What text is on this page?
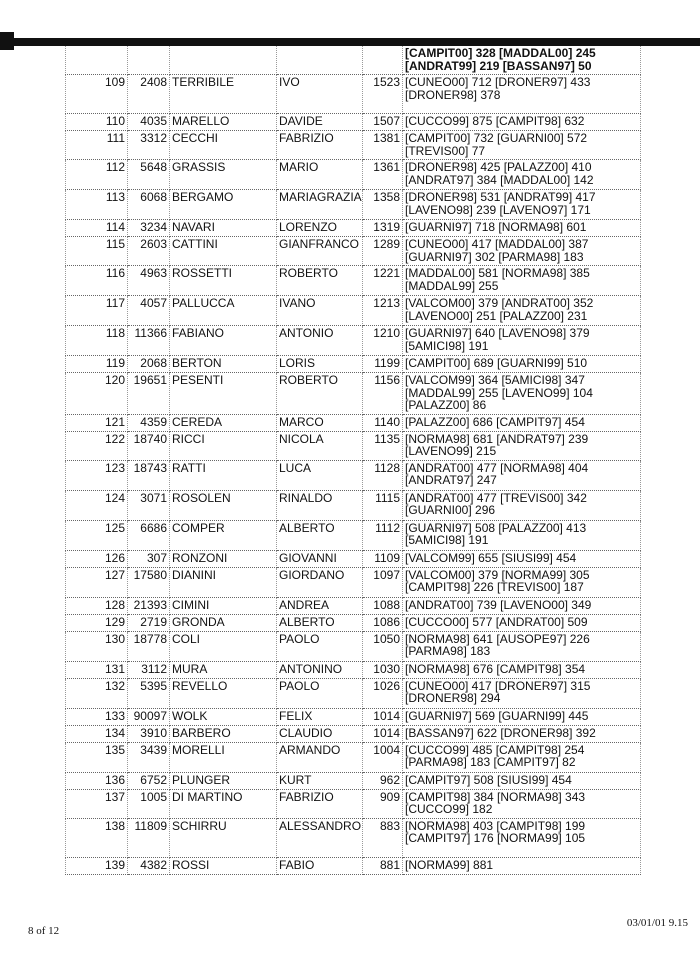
					[CAMPIT00] 328 [MADDAL00] 245
[ANDRAT99] 219 [BASSAN97] 50
109	2408	TERRIBILE	IVO	1523	[CUNEO00] 712 [DRONER97] 433 [DRONER98] 378
110	4035	MARELLO	DAVIDE	1507	[CUCCO99] 875 [CAMPIT98] 632
111	3312	CECCHI	FABRIZIO	1381	[CAMPIT00] 732 [GUARNI00] 572 [TREVIS00] 77
112	5648	GRASSIS	MARIO	1361	[DRONER98] 425 [PALAZZ00] 410 [ANDRAT97] 384 [MADDAL00] 142
113	6068	BERGAMO	MARIAGRAZIA	1358	[DRONER98] 531 [ANDRAT99] 417 [LAVENO98] 239 [LAVENO97] 171
114	3234	NAVARI	LORENZO	1319	[GUARNI97] 718 [NORMA98] 601
115	2603	CATTINI	GIANFRANCO	1289	[CUNEO00] 417 [MADDAL00] 387 [GUARNI97] 302 [PARMA98] 183
116	4963	ROSSETTI	ROBERTO	1221	[MADDAL00] 581 [NORMA98] 385 [MADDAL99] 255
117	4057	PALLUCCA	IVANO	1213	[VALCOM00] 379 [ANDRAT00] 352 [LAVENO00] 251 [PALAZZ00] 231
118	11366	FABIANO	ANTONIO	1210	[GUARNI97] 640 [LAVENO98] 379 [5AMICI98] 191
119	2068	BERTON	LORIS	1199	[CAMPIT00] 689 [GUARNI99] 510
120	19651	PESENTI	ROBERTO	1156	[VALCOM99] 364 [5AMICI98] 347 [MADDAL99] 255 [LAVENO99] 104 [PALAZZ00] 86
121	4359	CEREDA	MARCO	1140	[PALAZZ00] 686 [CAMPIT97] 454
122	18740	RICCI	NICOLA	1135	[NORMA98] 681 [ANDRAT97] 239 [LAVENO99] 215
123	18743	RATTI	LUCA	1128	[ANDRAT00] 477 [NORMA98] 404 [ANDRAT97] 247
124	3071	ROSOLEN	RINALDO	1115	[ANDRAT00] 477 [TREVIS00] 342 [GUARNI00] 296
125	6686	COMPER	ALBERTO	1112	[GUARNI97] 508 [PALAZZ00] 413 [5AMICI98] 191
126	307	RONZONI	GIOVANNI	1109	[VALCOM99] 655 [SIUSI99] 454
127	17580	DIANINI	GIORDANO	1097	[VALCOM00] 379 [NORMA99] 305 [CAMPIT98] 226 [TREVIS00] 187
128	21393	CIMINI	ANDREA	1088	[ANDRAT00] 739 [LAVENO00] 349
129	2719	GRONDA	ALBERTO	1086	[CUCCO00] 577 [ANDRAT00] 509
130	18778	COLI	PAOLO	1050	[NORMA98] 641 [AUSOPE97] 226 [PARMA98] 183
131	3112	MURA	ANTONINO	1030	[NORMA98] 676 [CAMPIT98] 354
132	5395	REVELLO	PAOLO	1026	[CUNEO00] 417 [DRONER97] 315 [DRONER98] 294
133	90097	WOLK	FELIX	1014	[GUARNI97] 569 [GUARNI99] 445
134	3910	BARBERO	CLAUDIO	1014	[BASSAN97] 622 [DRONER98] 392
135	3439	MORELLI	ARMANDO	1004	[CUCCO99] 485 [CAMPIT98] 254 [PARMA98] 183 [CAMPIT97] 82
136	6752	PLUNGER	KURT	962	[CAMPIT97] 508 [SIUSI99] 454
137	1005	DI MARTINO	FABRIZIO	909	[CAMPIT98] 384 [NORMA98] 343 [CUCCO99] 182
138	11809	SCHIRRU	ALESSANDRO	883	[NORMA98] 403 [CAMPIT98] 199 [CAMPIT97] 176 [NORMA99] 105
139	4382	ROSSI	FABIO	881	[NORMA99] 881
8 of 12
03/01/01 9.15
